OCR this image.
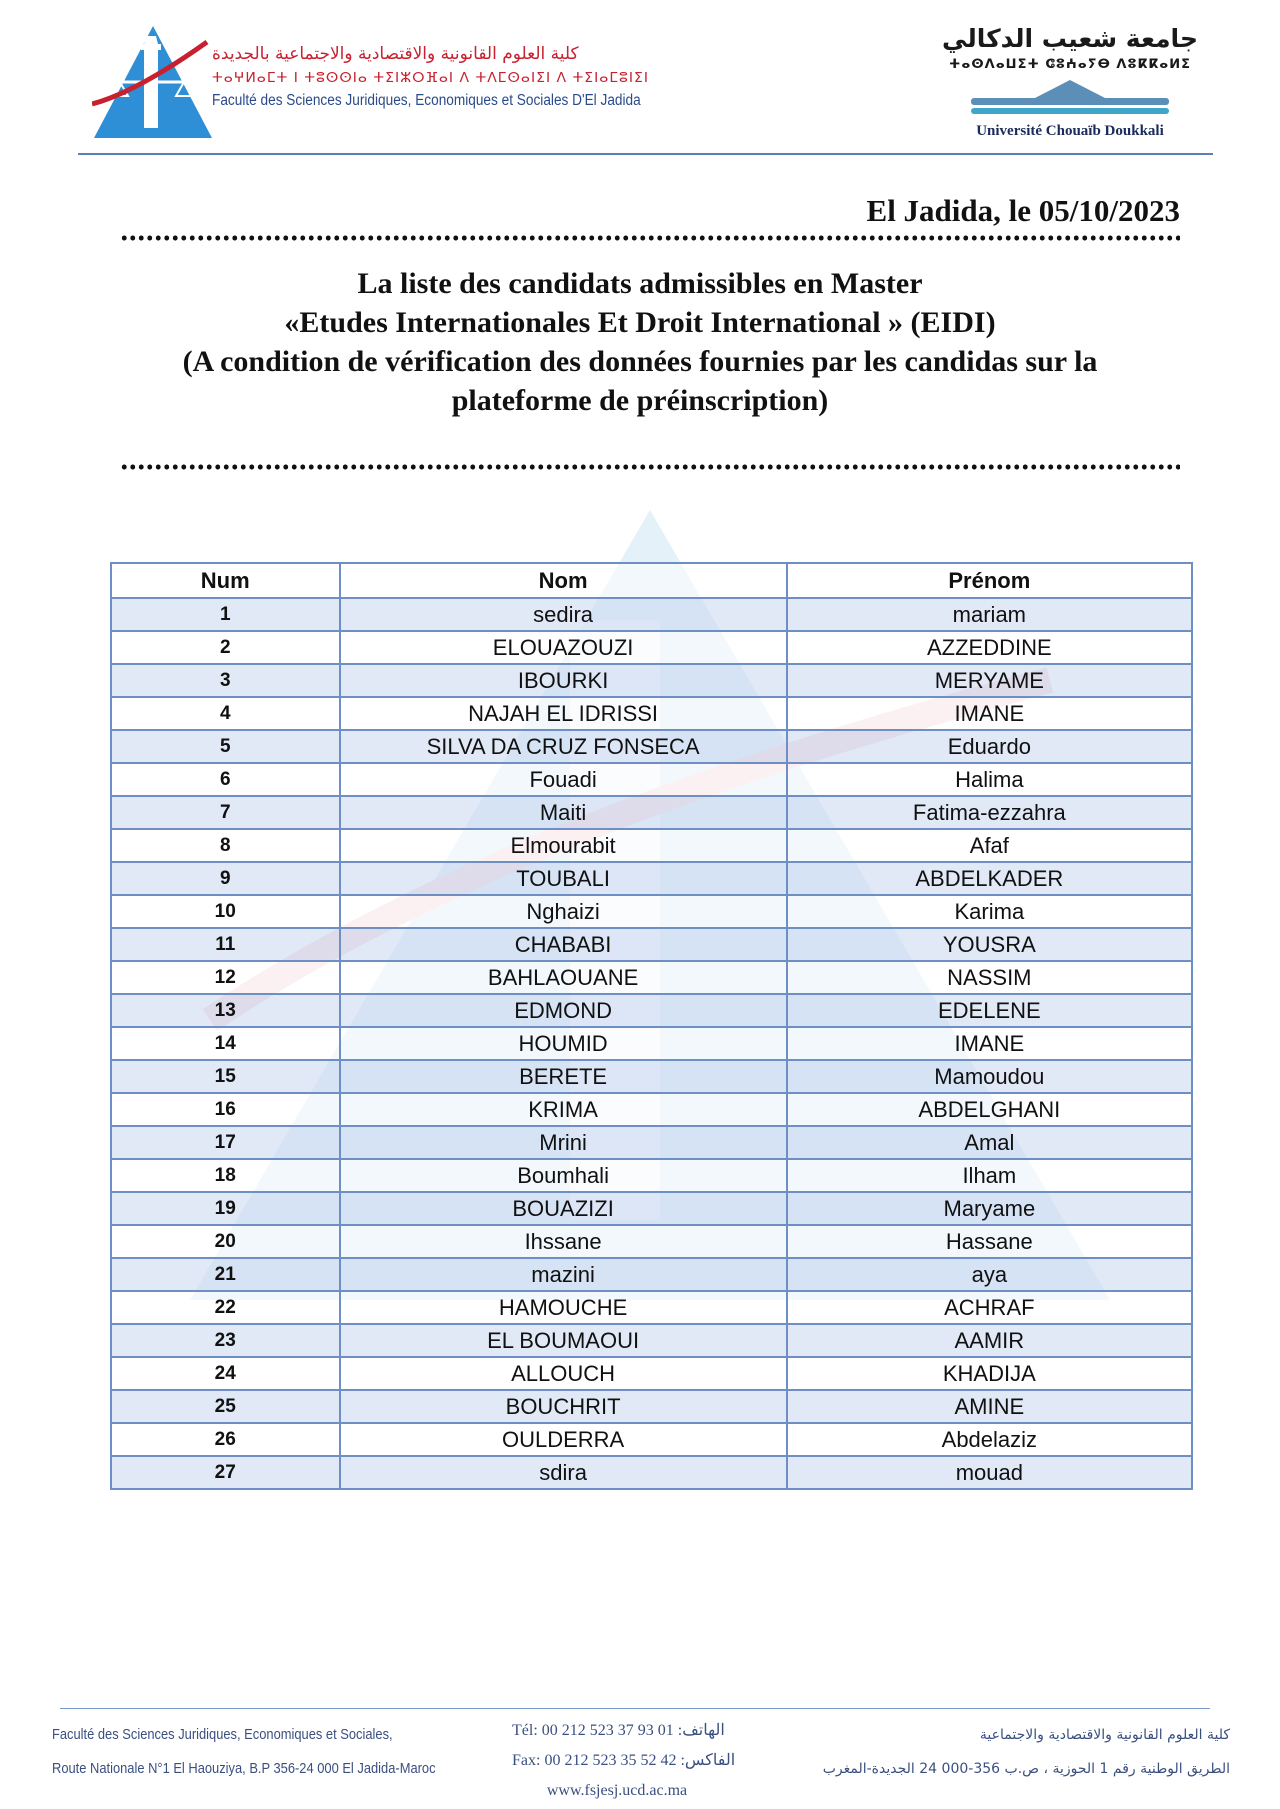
كلية العلوم القانونية والاقتصادية والاجتماعية بالجديدة
ⵜⴰⵖⵍⴰⵎⵜ ⵏ ⵜⵓⵙⵙⵏⴰ ⵜⵉⵏⵣⵔⴼⴰⵏ ⴷ ⵜⴷⵎⵙⴰⵏⵉⵏ ⴷ ⵜⵉⵏⴰⵎⵓⵏⵉⵏ
Faculté des Sciences Juridiques, Economiques et Sociales D'El Jadida
جامعة شعيب الدكالي
ⵜⴰⵙⴷⴰⵡⵉⵜ ⵛⵓⵄⴰⵢⴱ ⴷⵓⴽⴽⴰⵍⵉ
Université Chouaïb Doukkali
El Jadida, le 05/10/2023
La liste des candidats admissibles en Master
«Etudes Internationales Et Droit International » (EIDI)
(A condition de vérification des données fournies par les candidas sur la
plateforme de préinscription)
Num	Nom	Prénom
1	sedira	mariam
2	ELOUAZOUZI	AZZEDDINE
3	IBOURKI	MERYAME
4	NAJAH EL IDRISSI	IMANE
5	SILVA DA CRUZ FONSECA	Eduardo
6	Fouadi	Halima
7	Maiti	Fatima-ezzahra
8	Elmourabit	Afaf
9	TOUBALI	ABDELKADER
10	Nghaizi	Karima
11	CHABABI	YOUSRA
12	BAHLAOUANE	NASSIM
13	EDMOND	EDELENE
14	HOUMID	IMANE
15	BERETE	Mamoudou
16	KRIMA	ABDELGHANI
17	Mrini	Amal
18	Boumhali	Ilham
19	BOUAZIZI	Maryame
20	Ihssane	Hassane
21	mazini	aya
22	HAMOUCHE	ACHRAF
23	EL BOUMAOUI	AAMIR
24	ALLOUCH	KHADIJA
25	BOUCHRIT	AMINE
26	OULDERRA	Abdelaziz
27	sdira	mouad
Faculté des Sciences Juridiques, Economiques et Sociales,
Route Nationale N°1 El Haouziya, B.P 356-24 000 El Jadida-Maroc
Tél: 00 212 523 37 93 01 :الهاتف
Fax: 00 212 523 35 52 42 :الفاكس
www.fsjesj.ucd.ac.ma
كلية العلوم القانونية والاقتصادية والاجتماعية
الطريق الوطنية رقم 1 الحوزية ، ص.ب 356-000 24 الجديدة-المغرب
